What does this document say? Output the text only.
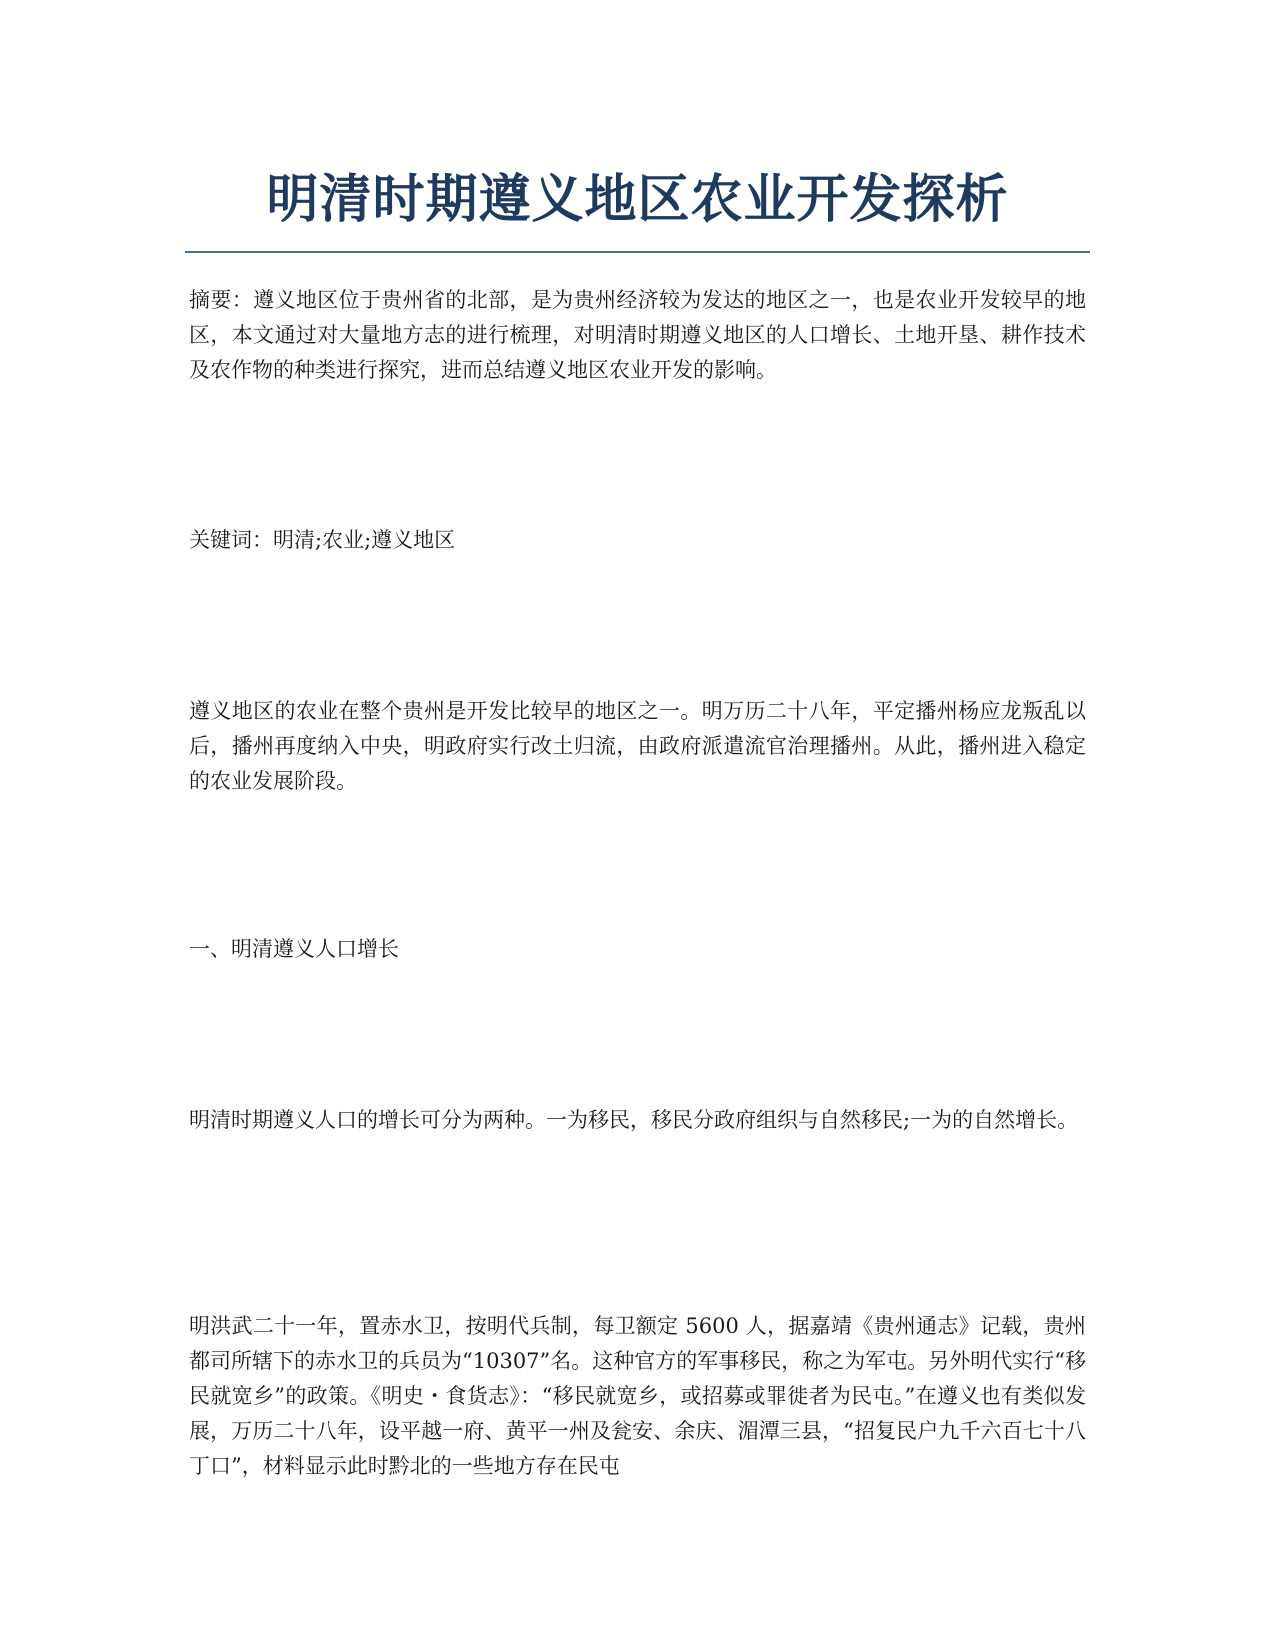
明清时期遵义地区农业开发探析

摘要：遵义地区位于贵州省的北部，是为贵州经济较为发达的地区之一，也是农业开发较早的地区，本文通过对大量地方志的进行梳理，对明清时期遵义地区的人口增长、土地开垦、耕作技术及农作物的种类进行探究，进而总结遵义地区农业开发的影响。

关键词：明清;农业;遵义地区

遵义地区的农业在整个贵州是开发比较早的地区之一。明万历二十八年，平定播州杨应龙叛乱以后，播州再度纳入中央，明政府实行改土归流，由政府派遣流官治理播州。从此，播州进入稳定的农业发展阶段。

一、明清遵义人口增长

明清时期遵义人口的增长可分为两种。一为移民，移民分政府组织与自然移民;一为的自然增长。

明洪武二十一年，置赤水卫，按明代兵制，每卫额定 5600 人，据嘉靖《贵州通志》记载，贵州都司所辖下的赤水卫的兵员为“10307”名。这种官方的军事移民，称之为军屯。另外明代实行“移民就宽乡”的政策。《明史・食货志》：“移民就宽乡，或招募或罪徙者为民屯。”在遵义也有类似发展，万历二十八年，设平越一府、黄平一州及瓮安、余庆、湄潭三县，“招复民户九千六百七十八丁口”，材料显示此时黔北的一些地方存在民屯
